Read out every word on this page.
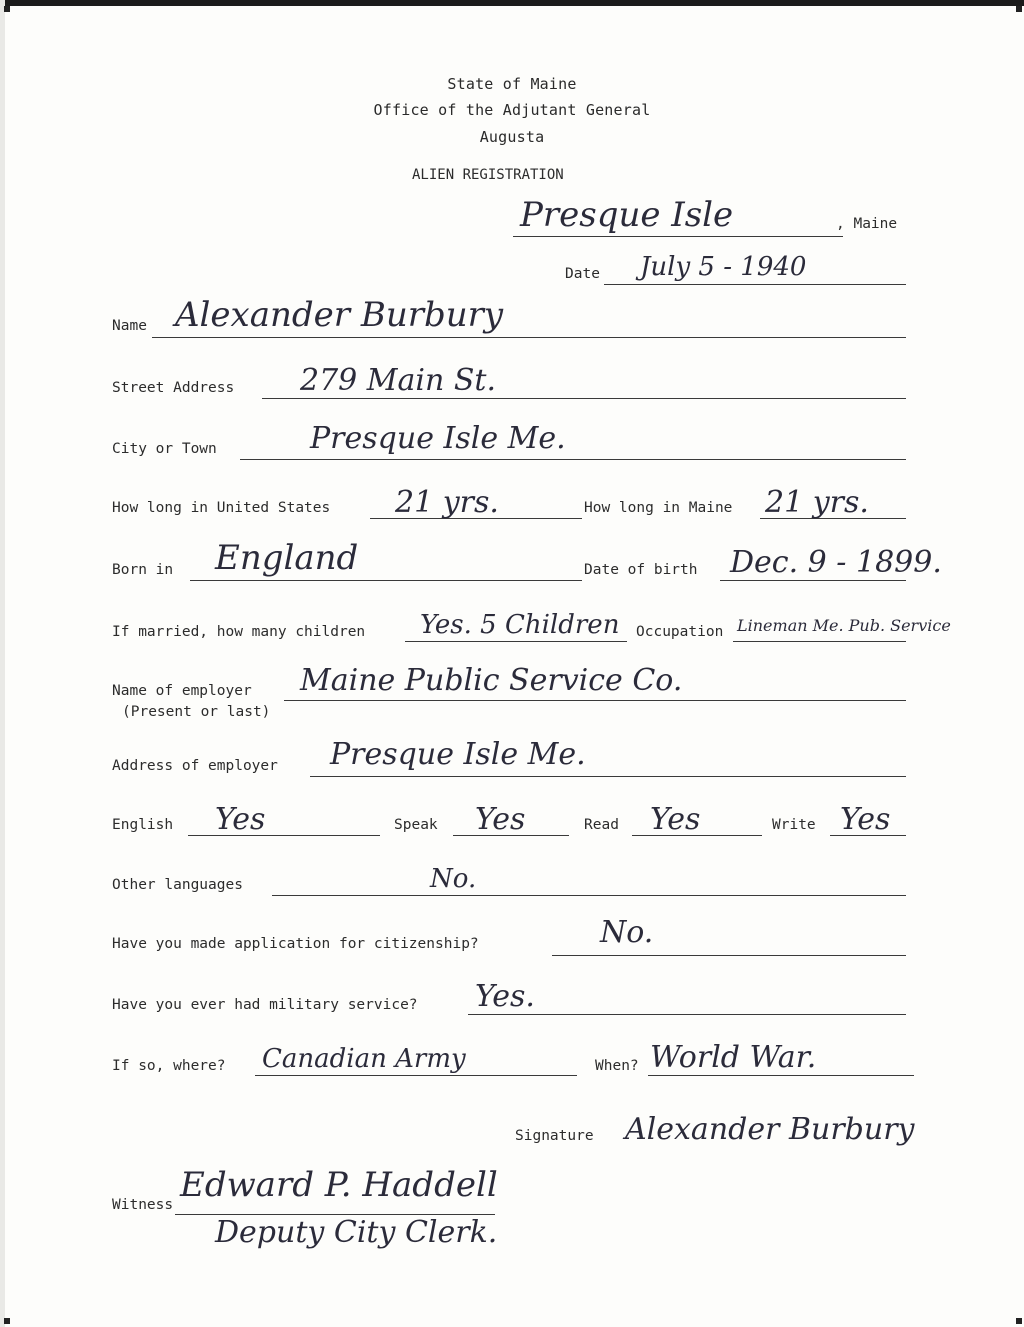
State of Maine
Office of the Adjutant General
Augusta
ALIEN REGISTRATION
Presque Isle	, Maine
Date July 5 - 1940
Name Alexander Burbury
Street Address 279 Main St.
City or Town	Presque Isle Me.
How long in United States 21 yrs.	How long in Maine 21 yrs.
Born in England	Date of birth Dec. 9 - 1899.
If married, how many children Yes. 5 Children Occupation Lineman Me. Pub. Service
Name of employer
(Present or last)
Maine Public Service Co.
Address of employer Presque Isle Me.
English Yes	Speak Yes	Read Yes	Write Yes
Other languages	No.
Have you made application for citizenship?	No.
Have you ever had military service? Yes.
If so, where? Canadian Army	When? World War.
Signature Alexander Burbury
Witness Edward P. Haddell
Deputy City Clerk.
